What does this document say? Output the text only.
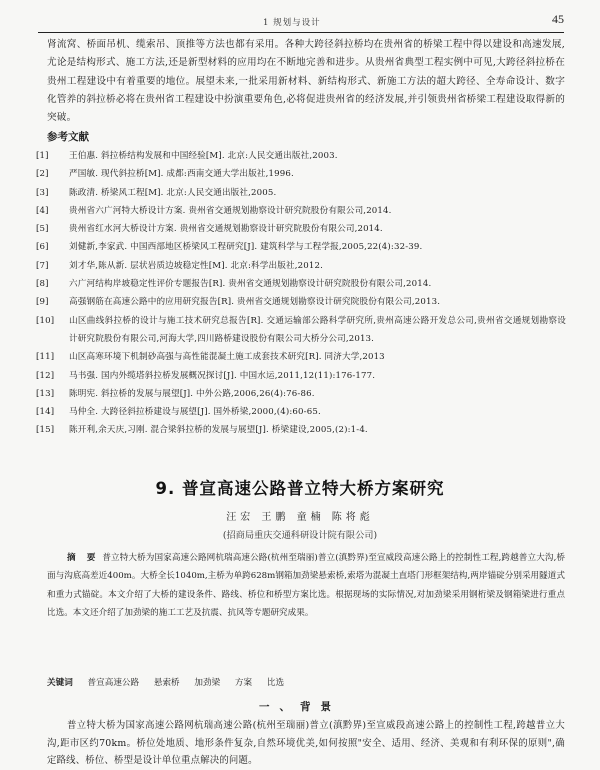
1 规划与设计	45

肾流窝、桥面吊机、缆索吊、顶推等方法也都有采用。各种大跨径斜拉桥均在贵州省的桥梁工程中得以建设和高速发展,尤论是结构形式、施工方法,还是新型材料的应用均在不断地完善和进步。从贵州省典型工程实例中可见,大跨径斜拉桥在贵州工程建设中有着重要的地位。展望未来,一批采用新材料、新结构形式、新施工方法的超大跨径、全寿命设计、数字化管养的斜拉桥必将在贵州省工程建设中扮演重要角色,必将促进贵州省的经济发展,并引领贵州省桥梁工程建设取得新的突破。

参考文献
[1]	王伯惠. 斜拉桥结构发展和中国经验[M]. 北京:人民交通出版社,2003.
[2]	严国敏. 现代斜拉桥[M]. 成都:西南交通大学出版社,1996.
[3]	陈政清. 桥梁风工程[M]. 北京:人民交通出版社,2005.
[4]	贵州省六广河特大桥设计方案. 贵州省交通规划勘察设计研究院股份有限公司,2014.
[5]	贵州省红水河大桥设计方案. 贵州省交通规划勘察设计研究院股份有限公司,2014.
[6]	刘健新,李家武. 中国西部地区桥梁风工程研究[J]. 建筑科学与工程学报,2005,22(4):32-39.
[7]	刘才华,陈从新. 层状岩质边坡稳定性[M]. 北京:科学出版社,2012.
[8]	六广河结构岸坡稳定性评价专题报告[R]. 贵州省交通规划勘察设计研究院股份有限公司,2014.
[9]	高强钢筋在高速公路中的应用研究报告[R]. 贵州省交通规划勘察设计研究院股份有限公司,2013.
[10]	山区曲线斜拉桥的设计与施工技术研究总报告[R]. 交通运输部公路科学研究所,贵州高速公路开发总公司,贵州省交通规划勘察设计研究院股份有限公司,河海大学,四川路桥建设股份有限公司大桥分公司,2013.
[11]	山区高寒环境下机制砂高强与高性能混凝土施工成套技术研究[R]. 同济大学,2013
[12]	马书强. 国内外缆塔斜拉桥发展概况探讨[J]. 中国水运,2011,12(11):176-177.
[13]	陈明宪. 斜拉桥的发展与展望[J]. 中外公路,2006,26(4):76-86.
[14]	马仲全. 大跨径斜拉桥建设与展望[J]. 国外桥梁,2000,(4):60-65.
[15]	陈开利,余天庆,习刚. 混合梁斜拉桥的发展与展望[J]. 桥梁建设,2005,(2):1-4.
9. 普宣高速公路普立特大桥方案研究
汪宏 王鹏 童楠 陈将彪
(招商局重庆交通科研设计院有限公司)
摘 要 普立特大桥为国家高速公路网杭瑞高速公路(杭州至瑞丽)普立(滇黔界)至宣威段高速公路上的控制性工程,跨越普立大沟,桥面与沟底高差近400m。大桥全长1040m,主桥为单跨628m钢箱加劲梁悬索桥,索塔为混凝土直塔门形框架结构,两岸锚碇分别采用隧道式和重力式锚碇。本文介绍了大桥的建设条件、路线、桥位和桥型方案比选。根据现场的实际情况,对加劲梁采用钢桁梁及钢箱梁进行重点比选。本文还介绍了加劲梁的施工工艺及抗震、抗风等专题研究成果。
关键词 普宣高速公路 悬索桥 加劲梁 方案 比选
一、背景

普立特大桥为国家高速公路网杭瑞高速公路(杭州至瑞丽)普立(滇黔界)至宣威段高速公路上的控制性工程,跨越普立大沟,距市区约70km。桥位处地质、地形条件复杂,自然环境优美,如何按照"安全、适用、经济、美观和有利环保的原则",确定路线、桥位、桥型是设计单位重点解决的问题。
